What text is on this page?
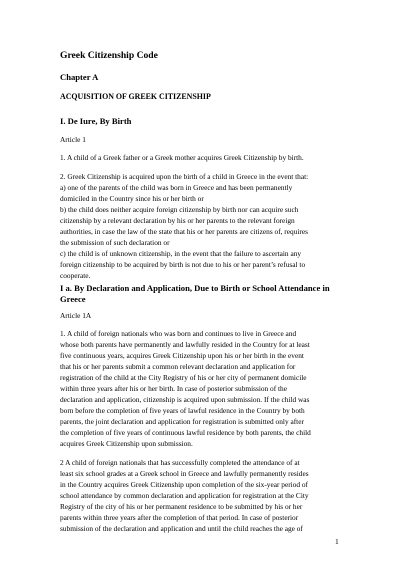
Greek Citizenship Code
Chapter A
ACQUISITION OF GREEK CITIZENSHIP
I. De Iure, By Birth
Article 1
1. A child of a Greek father or a Greek mother acquires Greek Citizenship by birth.
2. Greek Citizenship is acquired upon the birth of a child in Greece in the event that:
a) one of the parents of the child was born in Greece and has been permanently
domiciled in the Country since his or her birth or
b) the child does neither acquire foreign citizenship by birth nor can acquire such
citizenship by a relevant declaration by his or her parents to the relevant foreign
authorities, in case the law of the state that his or her parents are citizens of, requires
the submission of such declaration or
c) the child is of unknown citizenship, in the event that the failure to ascertain any
foreign citizenship to be acquired by birth is not due to his or her parent’s refusal to
cooperate.
I a. By Declaration and Application, Due to Birth or School Attendance in
Greece
Article 1A
1. A child of foreign nationals who was born and continues to live in Greece and
whose both parents have permanently and lawfully resided in the Country for at least
five continuous years, acquires Greek Citizenship upon his or her birth in the event
that his or her parents submit a common relevant declaration and application for
registration of the child at the City Registry of his or her city of permanent domicile
within three years after his or her birth. In case of posterior submission of the
declaration and application, citizenship is acquired upon submission. If the child was
born before the completion of five years of lawful residence in the Country by both
parents, the joint declaration and application for registration is submitted only after
the completion of five years of continuous lawful residence by both parents, the child
acquires Greek Citizenship upon submission.
2 A child of foreign nationals that has successfully completed the attendance of at
least six school grades at a Greek school in Greece and lawfully permanently resides
in the Country acquires Greek Citizenship upon completion of the six-year period of
school attendance by common declaration and application for registration at the City
Registry of the city of his or her permanent residence to be submitted by his or her
parents within three years after the completion of that period. In case of posterior
submission of the declaration and application and until the child reaches the age of
1
